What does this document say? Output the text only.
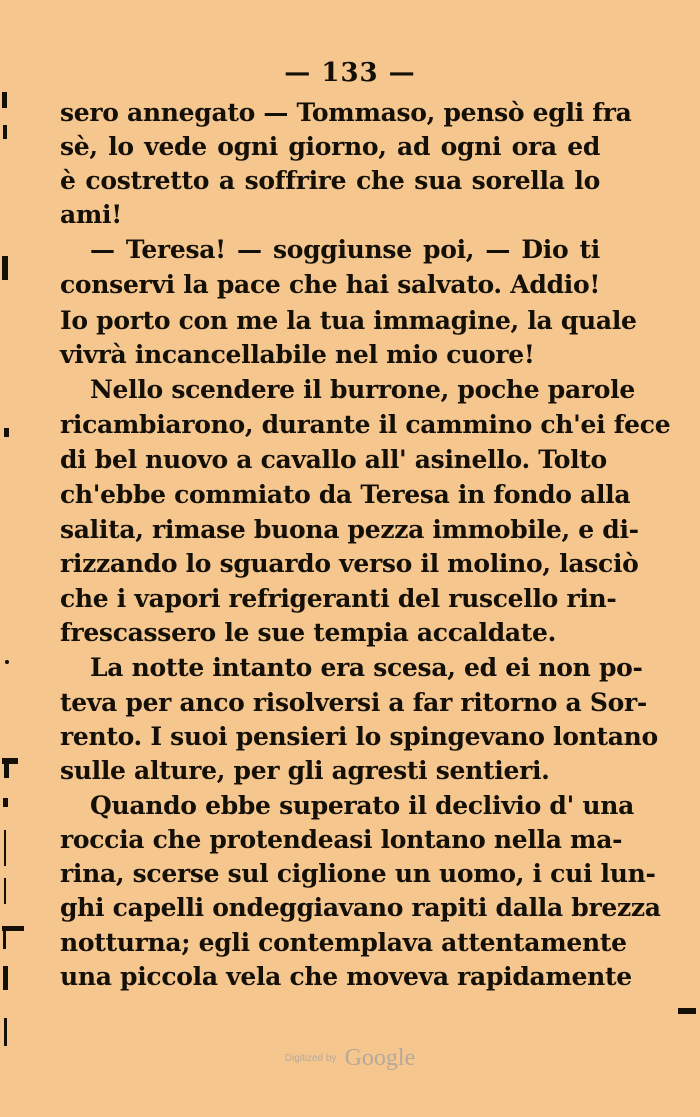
— 133 —
sero annegato — Tommaso, pensò egli fra
sè, lo vede ogni giorno, ad ogni ora ed
è costretto a soffrire che sua sorella lo
ami!
— Teresa! — soggiunse poi, — Dio ti
conservi la pace che hai salvato. Addio!
Io porto con me la tua immagine, la quale
vivrà incancellabile nel mio cuore!
Nello scendere il burrone, poche parole
ricambiarono, durante il cammino ch'ei fece
di bel nuovo a cavallo all' asinello. Tolto
ch'ebbe commiato da Teresa in fondo alla
salita, rimase buona pezza immobile, e di-
rizzando lo sguardo verso il molino, lasciò
che i vapori refrigeranti del ruscello rin-
frescassero le sue tempia accaldate.
La notte intanto era scesa, ed ei non po-
teva per anco risolversi a far ritorno a Sor-
rento. I suoi pensieri lo spingevano lontano
sulle alture, per gli agresti sentieri.
Quando ebbe superato il declivio d' una
roccia che protendeasi lontano nella ma-
rina, scerse sul ciglione un uomo, i cui lun-
ghi capelli ondeggiavano rapiti dalla brezza
notturna; egli contemplava attentamente
una piccola vela che moveva rapidamente
Digitized by Google
